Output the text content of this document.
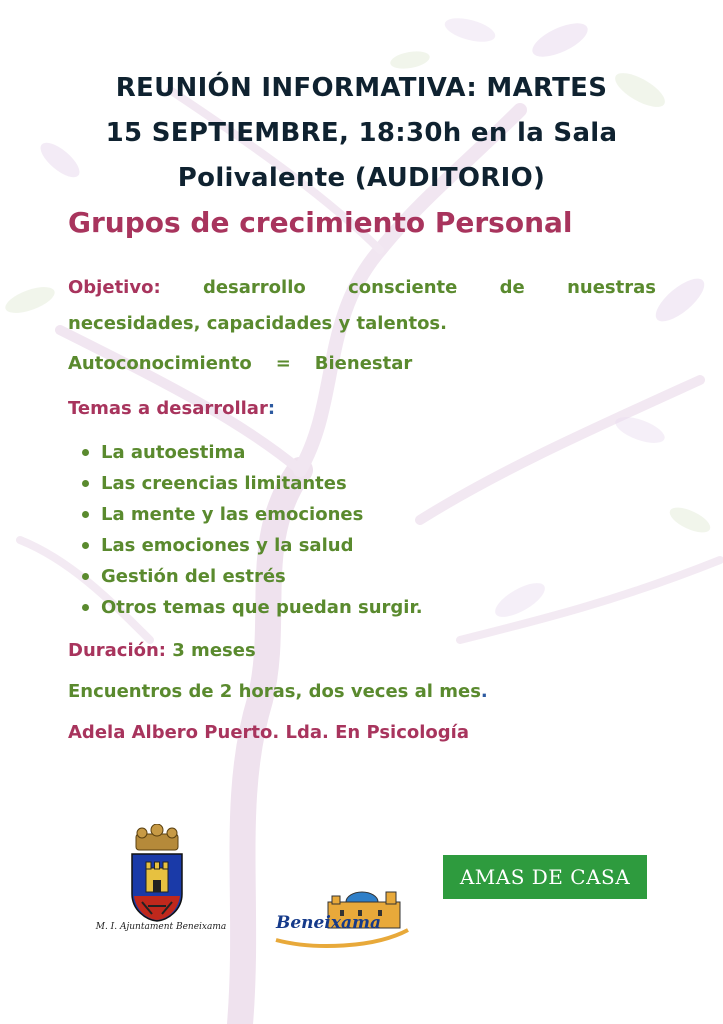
REUNIÓN INFORMATIVA: MARTES
15 SEPTIEMBRE, 18:30h en la Sala
Polivalente (AUDITORIO)
Grupos de crecimiento Personal
Objetivo: desarrollo consciente de nuestras
necesidades, capacidades y talentos.
Autoconocimiento = Bienestar
Temas a desarrollar:
La autoestima
Las creencias limitantes
La mente y las emociones
Las emociones y la salud
Gestión del estrés
Otros temas que puedan surgir.
Duración: 3 meses
Encuentros de 2 horas, dos veces al mes.
Adela Albero Puerto. Lda. En Psicología
M. I. Ajuntament Beneixama	Beneixama
AMAS DE CASA
